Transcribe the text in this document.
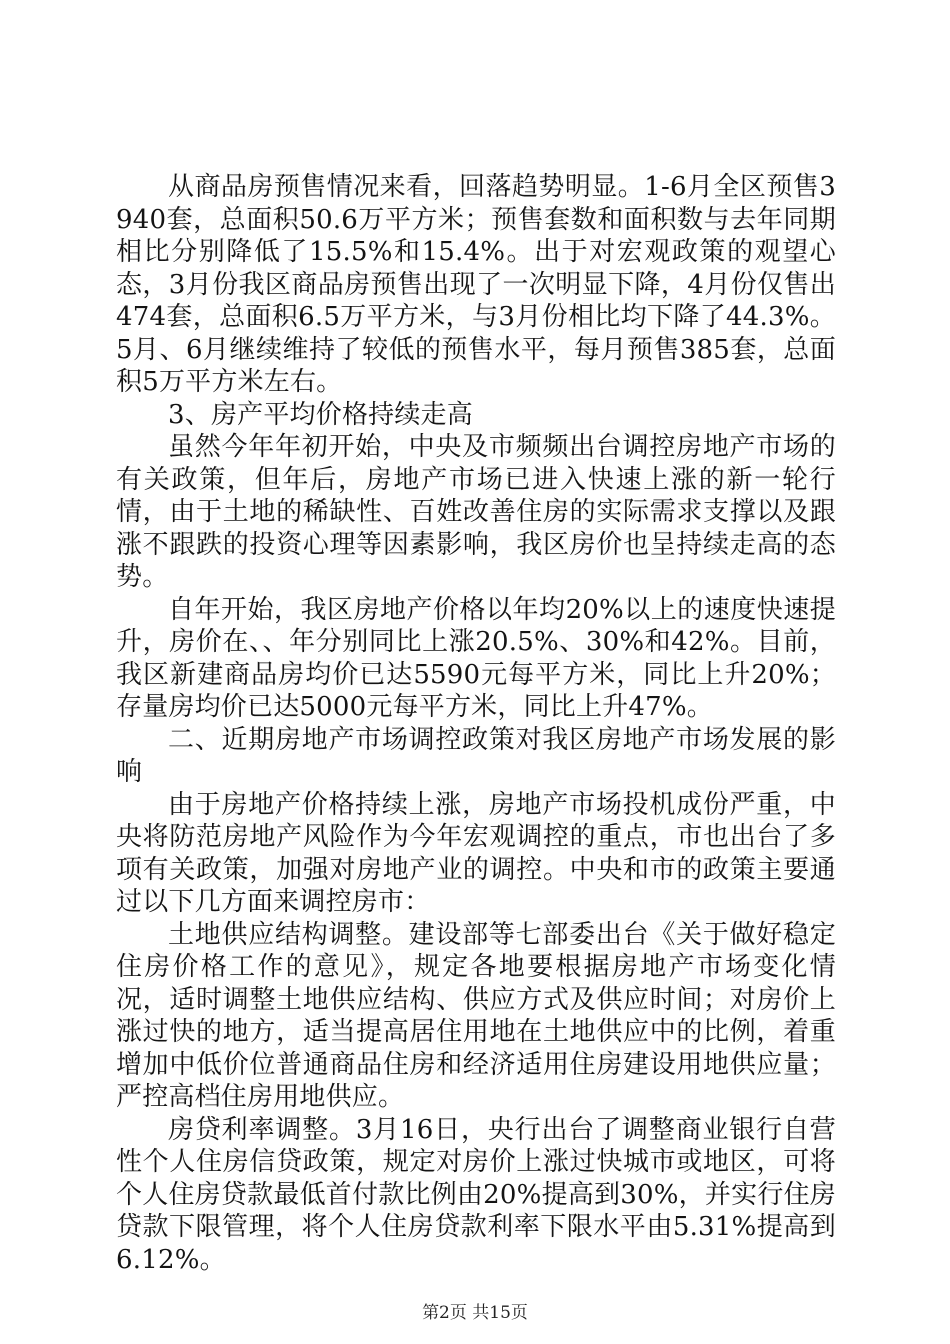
从商品房预售情况来看，回落趋势明显。1-6月全区预售3940套，总面积50.6万平方米；预售套数和面积数与去年同期相比分别降低了15.5%和15.4%。出于对宏观政策的观望心态，3月份我区商品房预售出现了一次明显下降，4月份仅售出474套，总面积6.5万平方米，与3月份相比均下降了44.3%。5月、6月继续维持了较低的预售水平，每月预售385套，总面积5万平方米左右。

3、房产平均价格持续走高

虽然今年年初开始，中央及市频频出台调控房地产市场的有关政策，但年后，房地产市场已进入快速上涨的新一轮行情，由于土地的稀缺性、百姓改善住房的实际需求支撑以及跟涨不跟跌的投资心理等因素影响，我区房价也呈持续走高的态势。

自年开始，我区房地产价格以年均20%以上的速度快速提升，房价在、、年分别同比上涨20.5%、30%和42%。目前，我区新建商品房均价已达5590元每平方米，同比上升20%；存量房均价已达5000元每平方米，同比上升47%。

二、近期房地产市场调控政策对我区房地产市场发展的影响

由于房地产价格持续上涨，房地产市场投机成份严重，中央将防范房地产风险作为今年宏观调控的重点，市也出台了多项有关政策，加强对房地产业的调控。中央和市的政策主要通过以下几方面来调控房市：

土地供应结构调整。建设部等七部委出台《关于做好稳定住房价格工作的意见》，规定各地要根据房地产市场变化情况，适时调整土地供应结构、供应方式及供应时间；对房价上涨过快的地方，适当提高居住用地在土地供应中的比例，着重增加中低价位普通商品住房和经济适用住房建设用地供应量；严控高档住房用地供应。

房贷利率调整。3月16日，央行出台了调整商业银行自营性个人住房信贷政策，规定对房价上涨过快城市或地区，可将个人住房贷款最低首付款比例由20%提高到30%，并实行住房贷款下限管理，将个人住房贷款利率下限水平由5.31%提高到6.12%。

第2页 共15页
